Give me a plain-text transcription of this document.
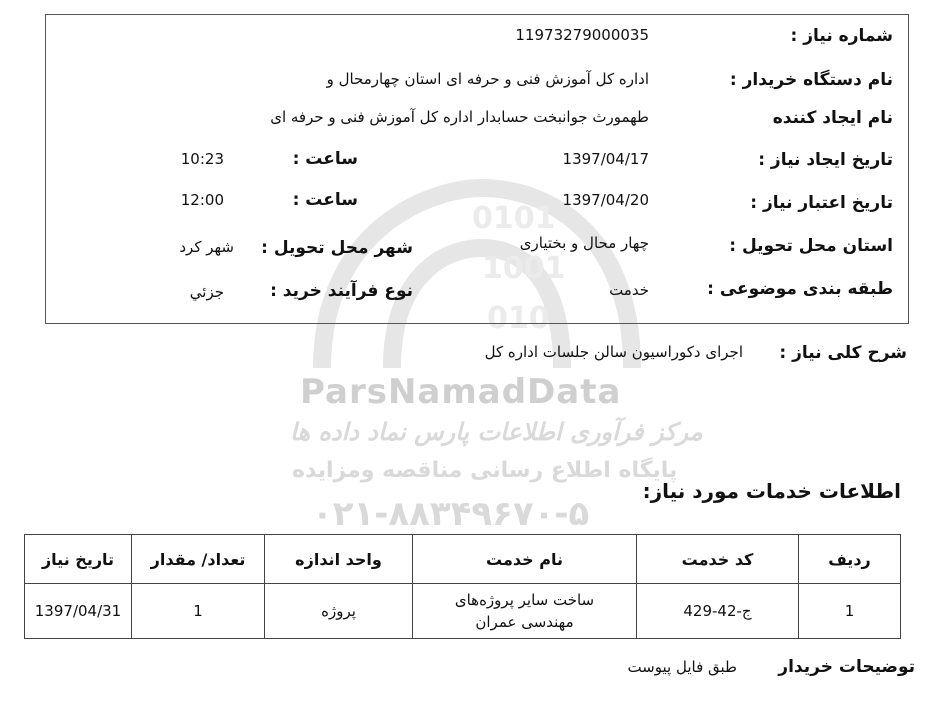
0101
1001
010
ParsNamadData
مرکز فرآوری اطلاعات پارس نماد داده ها
پایگاه اطلاع رسانی مناقصه ومزایده
۰۲۱-۸۸۳۴۹۶۷۰-۵
شماره نیاز :
11973279000035
نام دستگاه خریدار :
اداره کل آموزش فنی و حرفه ای استان چهارمحال و
نام ایجاد کننده
طهمورث جوانبخت حسابدار اداره کل آموزش فنی و حرفه ای
تاریخ ایجاد نیاز :
1397/04/17
ساعت :
10:23
تاریخ اعتبار نیاز :
1397/04/20
ساعت :
12:00
استان محل تحویل :
چهار محال و بختیاری
شهر محل تحویل :
شهر کرد
طبقه بندی موضوعی :
خدمت
نوع فرآیند خرید :
جزئي
شرح کلی نیاز :
اجرای دکوراسیون سالن جلسات اداره کل
اطلاعات خدمات مورد نیاز:
ردیف	کد خدمت	نام خدمت	واحد اندازه	تعداد/ مقدار	تاریخ نیاز
1	ج-42-429	ساخت سایر پروژه‌های مهندسی عمران	پروژه	1	1397/04/31
توضیحات خریدار
طبق فایل پیوست
